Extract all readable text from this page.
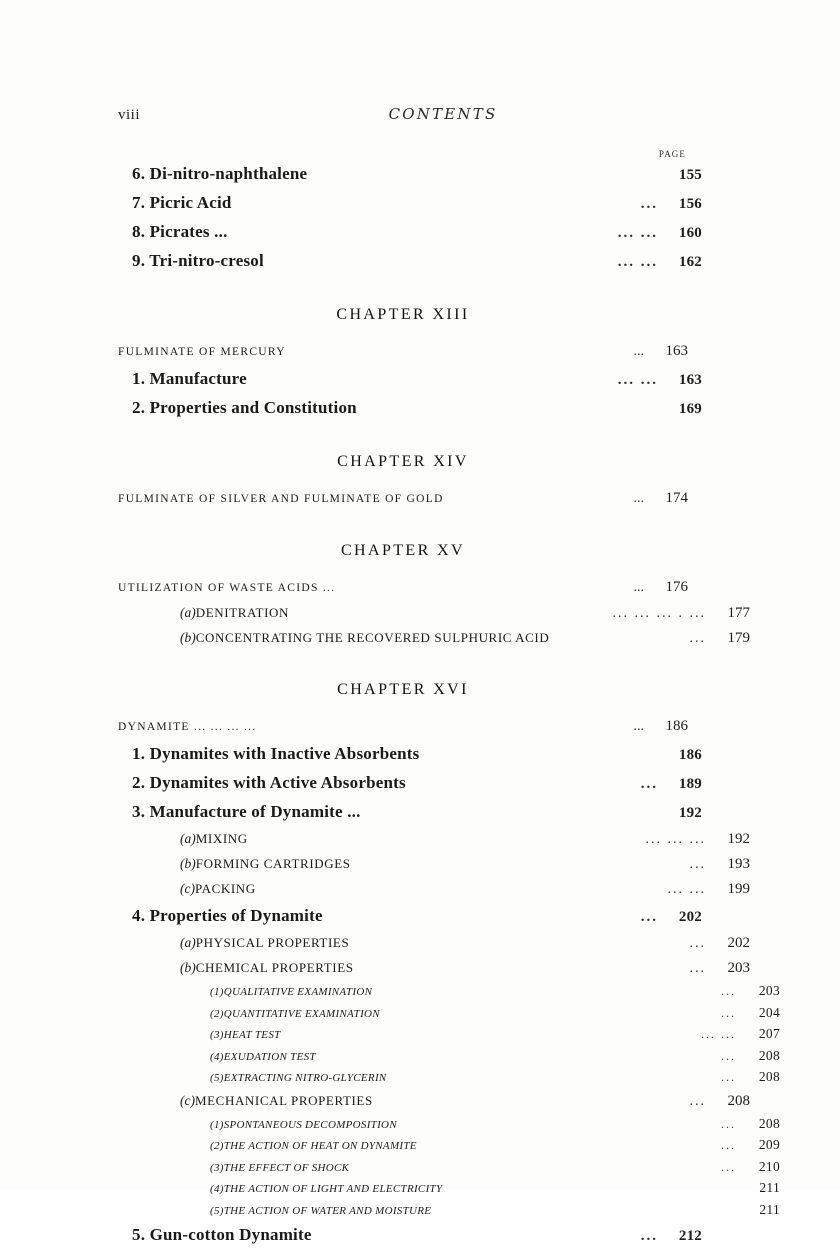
viii	CONTENTS
PAGE
6. Di-nitro-naphthalene	155
7. Picric Acid	...	156
8. Picrates ...	... ...	160
9. Tri-nitro-cresol	... ...	162
CHAPTER XIII
FULMINATE OF MERCURY	...	163
1. Manufacture	... ...	163
2. Properties and Constitution	169
CHAPTER XIV
FULMINATE OF SILVER AND FULMINATE OF GOLD	...	174
CHAPTER XV
UTILIZATION OF WASTE ACIDS ...	...	176
(a) DENITRATION	... ... ... . ...	177
(b) CONCENTRATING THE RECOVERED SULPHURIC ACID	...	179
CHAPTER XVI
DYNAMITE ... ... ... ...	...	186
1. Dynamites with Inactive Absorbents	186
2. Dynamites with Active Absorbents	...	189
3. Manufacture of Dynamite ...	192
(a) MIXING	... ... ...	192
(b) FORMING CARTRIDGES	...	193
(c) PACKING	... ...	199
4. Properties of Dynamite	...	202
(a) PHYSICAL PROPERTIES	...	202
(b) CHEMICAL PROPERTIES	...	203
(1) QUALITATIVE EXAMINATION	...	203
(2) QUANTITATIVE EXAMINATION	...	204
(3) HEAT TEST	... ...	207
(4) EXUDATION TEST	...	208
(5) EXTRACTING NITRO-GLYCERIN	...	208
(c) MECHANICAL PROPERTIES	...	208
(1) SPONTANEOUS DECOMPOSITION	...	208
(2) THE ACTION OF HEAT ON DYNAMITE	...	209
(3) THE EFFECT OF SHOCK	...	210
(4) THE ACTION OF LIGHT AND ELECTRICITY	211
(5) THE ACTION OF WATER AND MOISTURE	211
5. Gun-cotton Dynamite	...	212
